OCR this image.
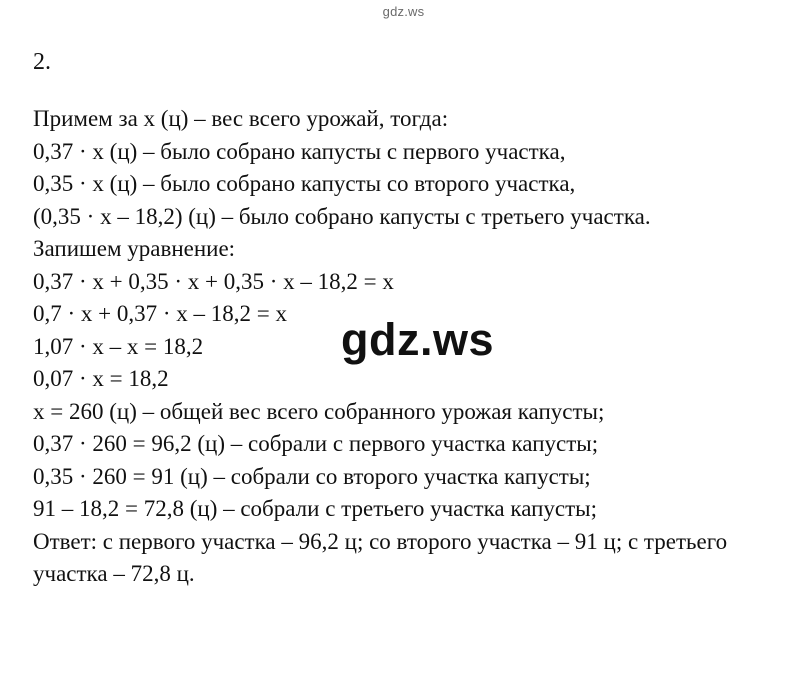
gdz.ws
2.
Примем за х (ц) – вес всего урожай, тогда:
0,37 · х (ц) – было собрано капусты с первого участка,
0,35 · х (ц) – было собрано капусты со второго участка,
(0,35 · х – 18,2) (ц) – было собрано капусты с третьего участка.
Запишем уравнение:
0,37 · х + 0,35 · х + 0,35 · х – 18,2 = х
0,7 · х + 0,37 · х – 18,2 = х
1,07 · х – х = 18,2
0,07 · х = 18,2
х = 260 (ц) – общей вес всего собранного урожая капусты;
0,37 · 260 = 96,2 (ц) – собрали с первого участка капусты;
0,35 · 260 = 91 (ц) – собрали со второго участка капусты;
91 – 18,2 = 72,8 (ц) – собрали с третьего участка капусты;
Ответ: с первого участка – 96,2 ц; со второго участка – 91 ц; с третьего участка – 72,8 ц.
gdz.ws
